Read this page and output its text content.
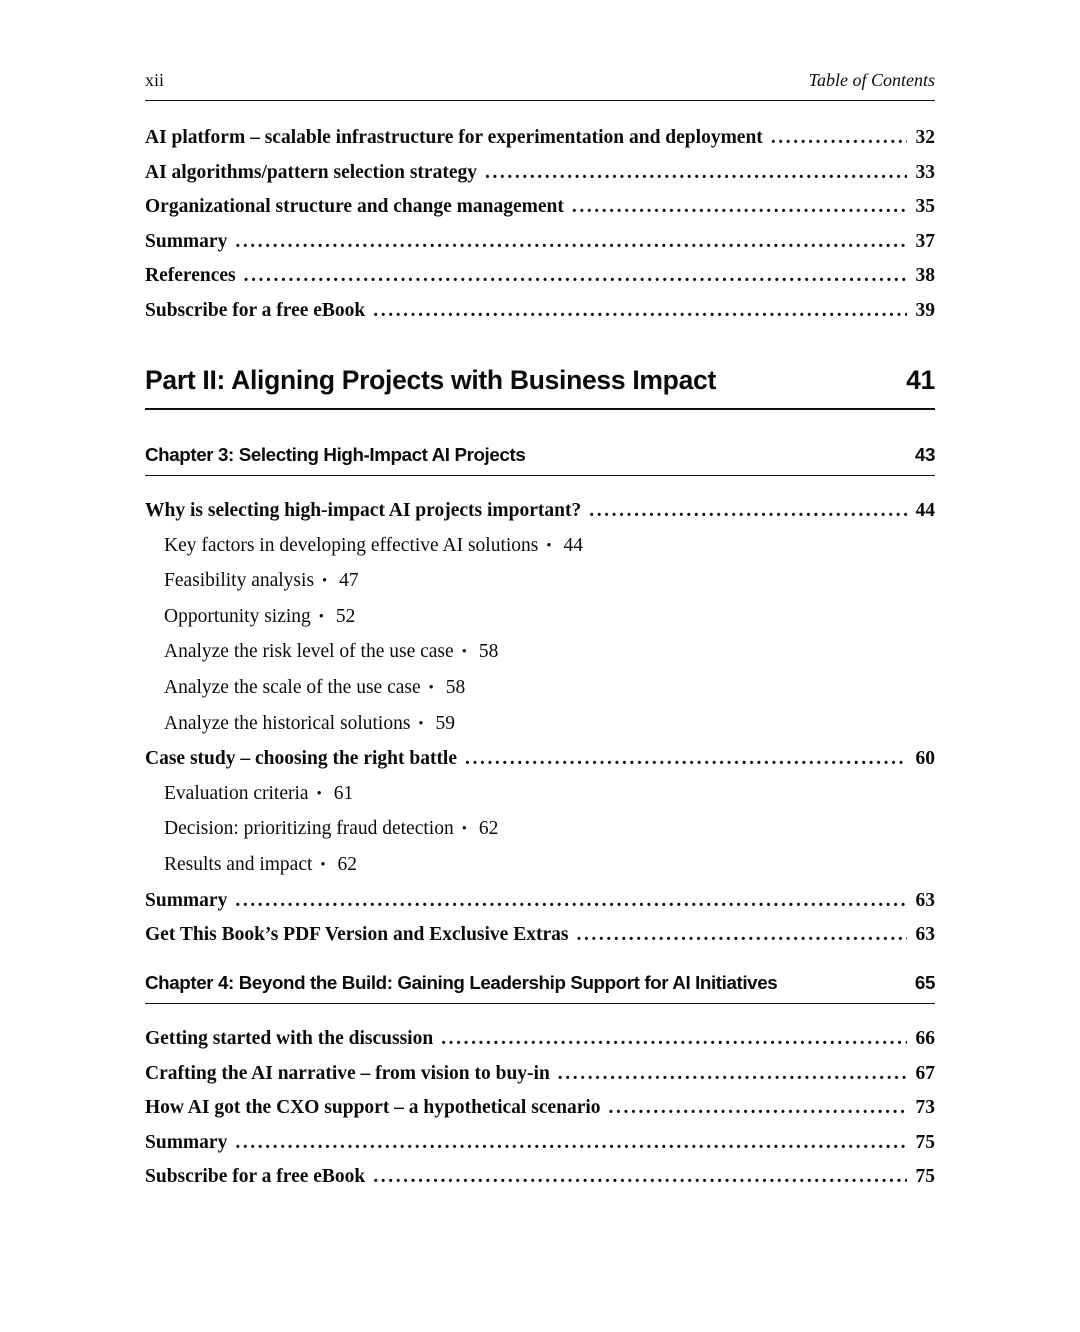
xii	Table of Contents
AI platform – scalable infrastructure for experimentation and deployment .....	32
AI algorithms/pattern selection strategy .....	33
Organizational structure and change management .....	35
Summary .....	37
References .....	38
Subscribe for a free eBook .....	39
Part II: Aligning Projects with Business Impact	41
Chapter 3: Selecting High-Impact AI Projects	43
Why is selecting high-impact AI projects important? .....	44
Key factors in developing effective AI solutions • 44
Feasibility analysis • 47
Opportunity sizing • 52
Analyze the risk level of the use case • 58
Analyze the scale of the use case • 58
Analyze the historical solutions • 59
Case study – choosing the right battle .....	60
Evaluation criteria • 61
Decision: prioritizing fraud detection • 62
Results and impact • 62
Summary .....	63
Get This Book’s PDF Version and Exclusive Extras .....	63
Chapter 4: Beyond the Build: Gaining Leadership Support for AI Initiatives	65
Getting started with the discussion .....	66
Crafting the AI narrative – from vision to buy-in .....	67
How AI got the CXO support – a hypothetical scenario .....	73
Summary .....	75
Subscribe for a free eBook .....	75
